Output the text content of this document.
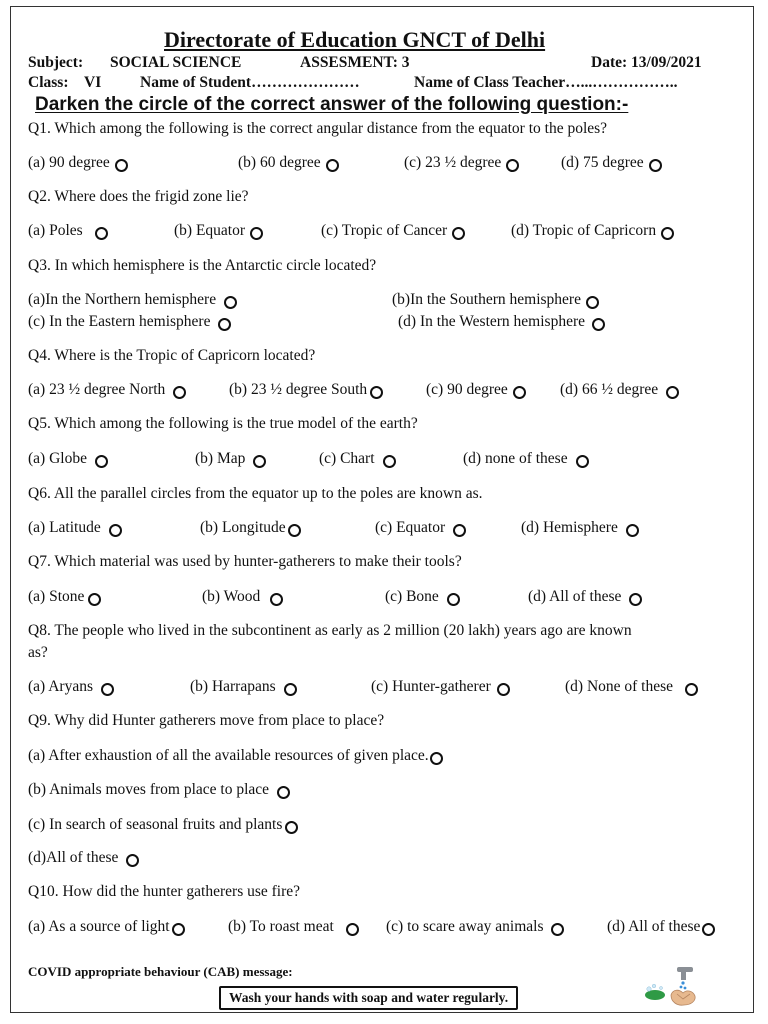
Directorate of Education GNCT of Delhi
Subject: SOCIAL SCIENCE	ASSESMENT: 3	Date: 13/09/2021
Class: VI	Name of Student…………………	Name of Class Teacher…...……………..
Darken the circle of the correct answer of the following question:-
Q1. Which among the following is the correct angular distance from the equator to the poles?
(a) 90 degree	(b) 60 degree	(c) 23 ½ degree	(d) 75 degree
Q2. Where does the frigid zone lie?
(a) Poles	(b) Equator	(c) Tropic of Cancer	(d) Tropic of Capricorn
Q3. In which hemisphere is the Antarctic circle located?
(a)In the Northern hemisphere	(b)In the Southern hemisphere
(c) In the Eastern hemisphere	(d) In the Western hemisphere
Q4. Where is the Tropic of Capricorn located?
(a) 23 ½ degree North	(b) 23 ½ degree South	(c) 90 degree	(d) 66 ½ degree
Q5. Which among the following is the true model of the earth?
(a) Globe	(b) Map	(c) Chart	(d) none of these
Q6. All the parallel circles from the equator up to the poles are known as.
(a) Latitude	(b) Longitude	(c) Equator	(d) Hemisphere
Q7. Which material was used by hunter-gatherers to make their tools?
(a) Stone	(b) Wood	(c) Bone	(d) All of these
Q8. The people who lived in the subcontinent as early as 2 million (20 lakh) years ago are known
as?
(a) Aryans	(b) Harrapans	(c) Hunter-gatherer	(d) None of these
Q9. Why did Hunter gatherers move from place to place?
(a) After exhaustion of all the available resources of given place.
(b) Animals moves from place to place
(c) In search of seasonal fruits and plants
(d)All of these
Q10. How did the hunter gatherers use fire?
(a) As a source of light	(b) To roast meat	(c) to scare away animals	(d) All of these
COVID appropriate behaviour (CAB) message:
Wash your hands with soap and water regularly.
